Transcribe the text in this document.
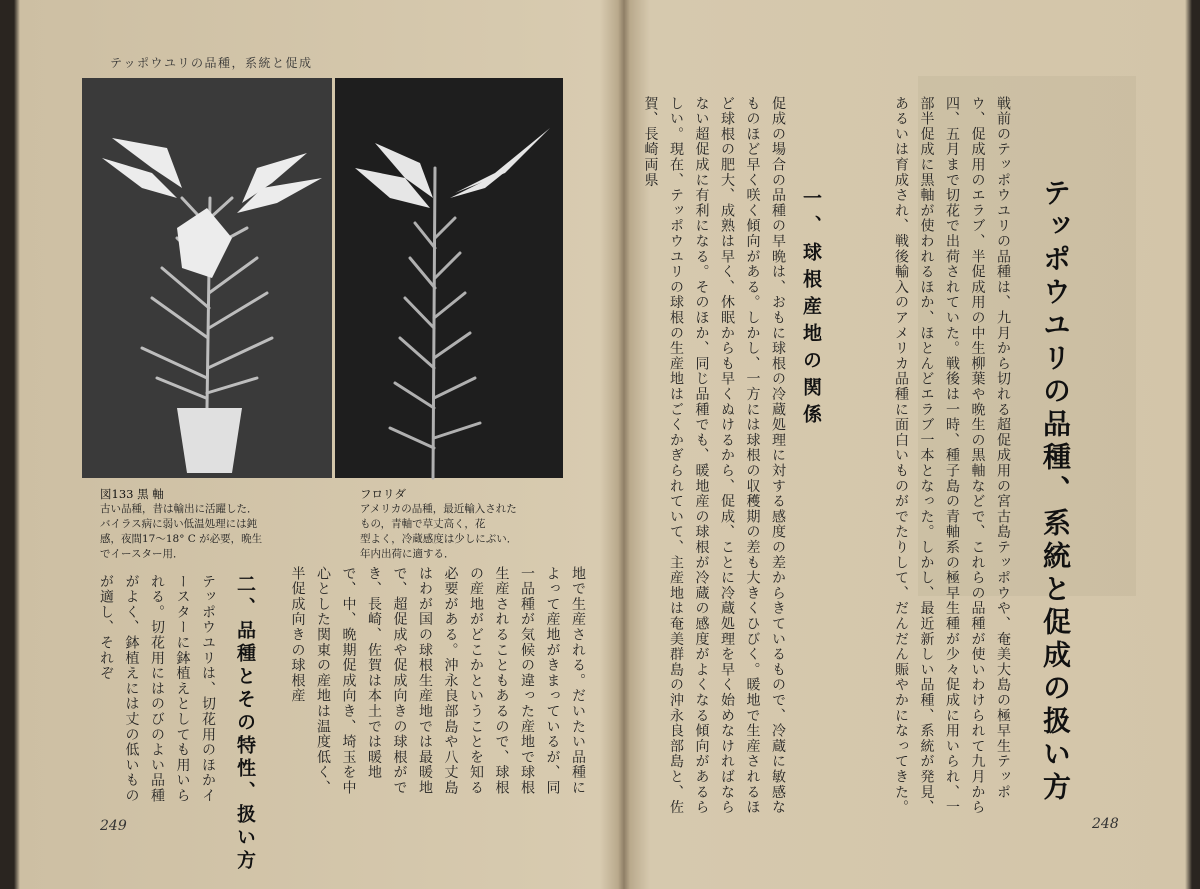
テッポウユリの品種，系統と促成
図133 黒 軸
古い品種，昔は輸出に活躍した．
バイラス病に弱い低温処理には鈍
感，夜間17〜18° C が必要，晩生
でイースター用．
フロリダ
アメリカの品種，最近輸入された
もの，青軸で草丈高く，花
型よく，冷蔵感度は少しにぶい．
年内出荷に適する．
地で生産される。だいたい品種によって産地がきまっているが、同一品種が気候の違った産地で球根生産されることもあるので、球根の産地がどこかということを知る必要がある。沖永良部島や八丈島はわが国の球根生産地では最暖地で、超促成や促成向きの球根ができ、長崎、佐賀は本土では暖地で、中、晩期促成向き、埼玉を中心とした関東の産地は温度低く、半促成向きの球根産
二、品種とその特性、扱い方
テッポウユリは、切花用のほかイースターに鉢植えとしても用いられる。切花用にはのびのよい品種がよく、鉢植えには丈の低いものが適し、それぞ
249
テッポウユリの品種、系統と促成の扱い方
戦前のテッポウユリの品種は、九月から切れる超促成用の宮古島テッポウや、奄美大島の極早生テッポウ、促成用のエラブ、半促成用の中生柳葉や晩生の黒軸などで、これらの品種が使いわけられて九月から四、五月まで切花で出荷されていた。戦後は一時、種子島の青軸系の極早生種が少々促成に用いられ、一部半促成に黒軸が使われるほか、ほとんどエラブ一本となった。しかし、最近新しい品種、系統が発見、あるいは育成され、戦後輸入のアメリカ品種に面白いものがでたりして、だんだん賑やかになってきた。
一、球根産地の関係
促成の場合の品種の早晩は、おもに球根の冷蔵処理に対する感度の差からきているもので、冷蔵に敏感なものほど早く咲く傾向がある。しかし、一方には球根の収穫期の差も大きくひびく。暖地で生産されるほど球根の肥大、成熟は早く、休眠からも早くぬけるから、促成、ことに冷蔵処理を早く始めなければならない超促成に有利になる。そのほか、同じ品種でも、暖地産の球根が冷蔵の感度がよくなる傾向があるらしい。現在、テッポウユリの球根の生産地はごくかぎられていて、主産地は奄美群島の沖永良部島と、佐賀、長崎両県
248
